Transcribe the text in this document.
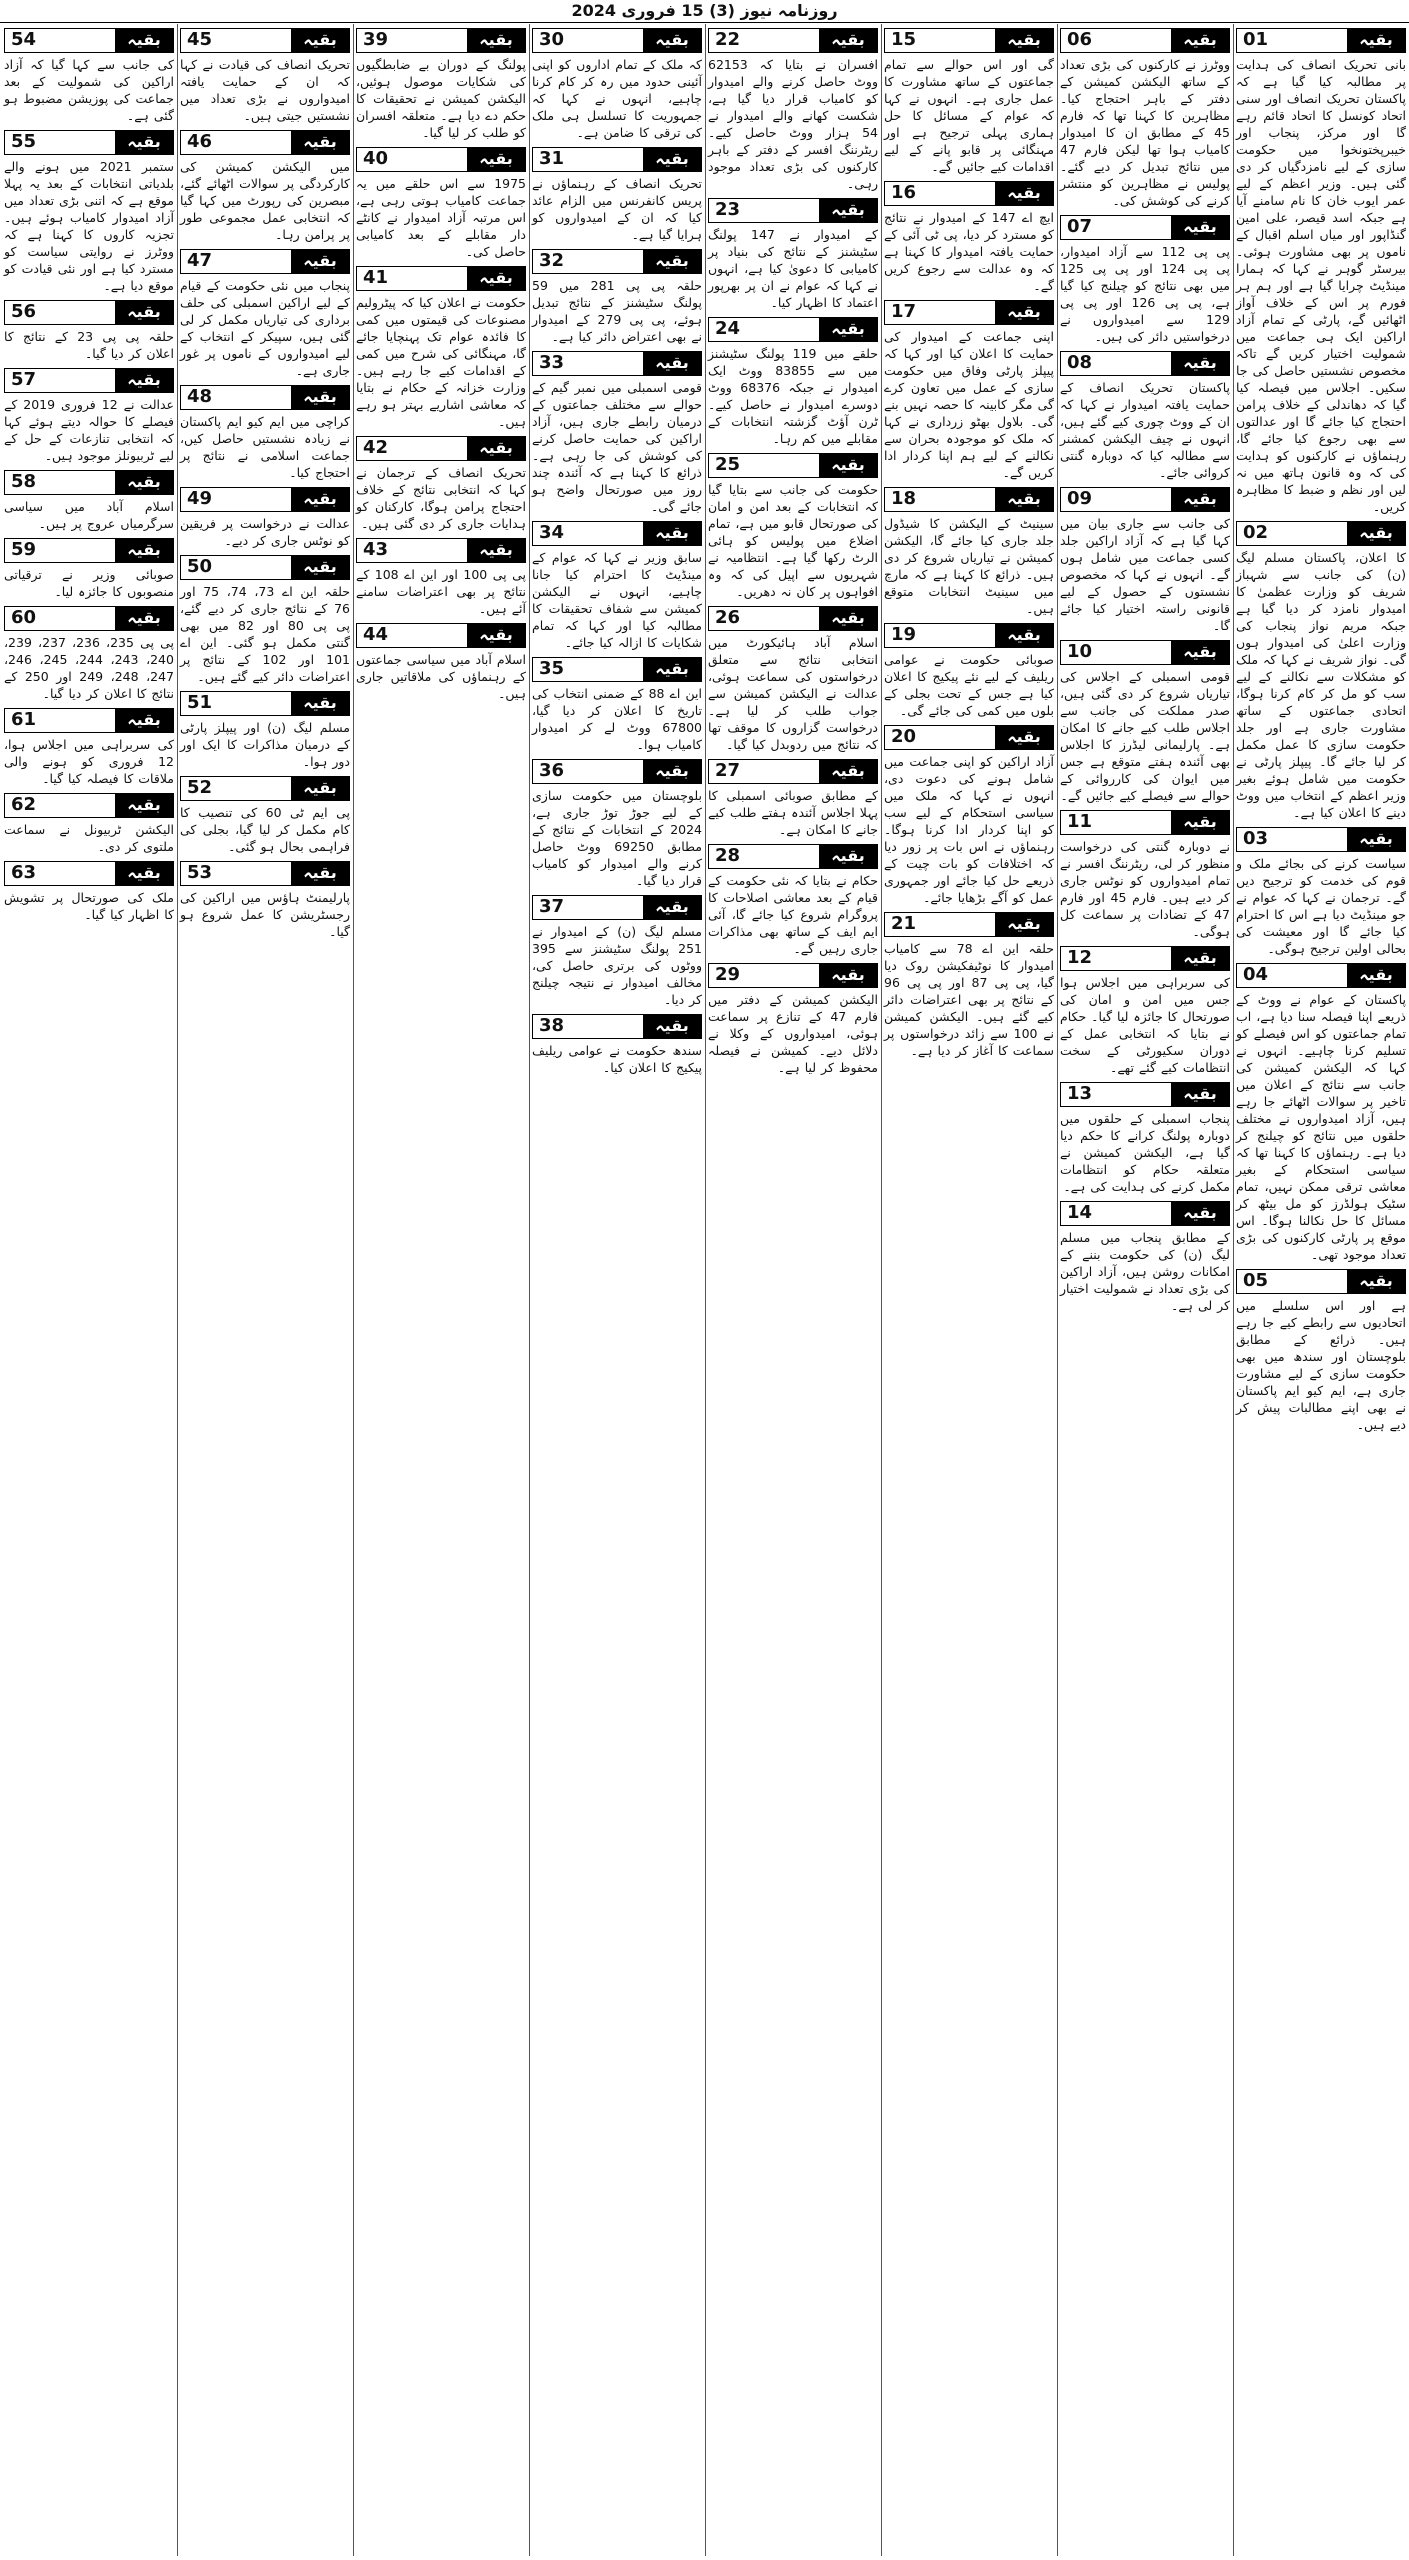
روزنامہ نیوز (3) 15 فروری 2024
01	بقیہ
بانی تحریک انصاف کی ہدایت پر مطالبہ کیا گیا ہے کہ پاکستان تحریک انصاف اور سنی اتحاد کونسل کا اتحاد قائم رہے گا اور مرکز، پنجاب اور خیبرپختونخوا میں حکومت سازی کے لیے نامزدگیاں کر دی گئی ہیں۔ وزیر اعظم کے لیے عمر ایوب خان کا نام سامنے آیا ہے جبکہ اسد قیصر، علی امین گنڈاپور اور میاں اسلم اقبال کے ناموں پر بھی مشاورت ہوئی۔ بیرسٹر گوہر نے کہا کہ ہمارا مینڈیٹ چرایا گیا ہے اور ہم ہر فورم پر اس کے خلاف آواز اٹھائیں گے، پارٹی کے تمام آزاد اراکین ایک ہی جماعت میں شمولیت اختیار کریں گے تاکہ مخصوص نشستیں حاصل کی جا سکیں۔ اجلاس میں فیصلہ کیا گیا کہ دھاندلی کے خلاف پرامن احتجاج کیا جائے گا اور عدالتوں سے بھی رجوع کیا جائے گا، رہنماؤں نے کارکنوں کو ہدایت کی کہ وہ قانون ہاتھ میں نہ لیں اور نظم و ضبط کا مظاہرہ کریں۔
02	بقیہ
کا اعلان، پاکستان مسلم لیگ (ن) کی جانب سے شہباز شریف کو وزارت عظمیٰ کا امیدوار نامزد کر دیا گیا ہے جبکہ مریم نواز پنجاب کی وزارت اعلیٰ کی امیدوار ہوں گی۔ نواز شریف نے کہا کہ ملک کو مشکلات سے نکالنے کے لیے سب کو مل کر کام کرنا ہوگا، اتحادی جماعتوں کے ساتھ مشاورت جاری ہے اور جلد حکومت سازی کا عمل مکمل کر لیا جائے گا۔ پیپلز پارٹی نے حکومت میں شامل ہوئے بغیر وزیر اعظم کے انتخاب میں ووٹ دینے کا اعلان کیا ہے۔
03	بقیہ
سیاست کرنے کی بجائے ملک و قوم کی خدمت کو ترجیح دیں گے۔ ترجمان نے کہا کہ عوام نے جو مینڈیٹ دیا ہے اس کا احترام کیا جائے گا اور معیشت کی بحالی اولین ترجیح ہوگی۔
04	بقیہ
پاکستان کے عوام نے ووٹ کے ذریعے اپنا فیصلہ سنا دیا ہے، اب تمام جماعتوں کو اس فیصلے کو تسلیم کرنا چاہیے۔ انہوں نے کہا کہ الیکشن کمیشن کی جانب سے نتائج کے اعلان میں تاخیر پر سوالات اٹھائے جا رہے ہیں، آزاد امیدواروں نے مختلف حلقوں میں نتائج کو چیلنج کر دیا ہے۔ رہنماؤں کا کہنا تھا کہ سیاسی استحکام کے بغیر معاشی ترقی ممکن نہیں، تمام سٹیک ہولڈرز کو مل بیٹھ کر مسائل کا حل نکالنا ہوگا۔ اس موقع پر پارٹی کارکنوں کی بڑی تعداد موجود تھی۔
05	بقیہ
ہے اور اس سلسلے میں اتحادیوں سے رابطے کیے جا رہے ہیں۔ ذرائع کے مطابق بلوچستان اور سندھ میں بھی حکومت سازی کے لیے مشاورت جاری ہے، ایم کیو ایم پاکستان نے بھی اپنے مطالبات پیش کر دیے ہیں۔
06	بقیہ
ووٹرز نے کارکنوں کی بڑی تعداد کے ساتھ الیکشن کمیشن کے دفتر کے باہر احتجاج کیا۔ مظاہرین کا کہنا تھا کہ فارم 45 کے مطابق ان کا امیدوار کامیاب ہوا تھا لیکن فارم 47 میں نتائج تبدیل کر دیے گئے۔ پولیس نے مظاہرین کو منتشر کرنے کی کوشش کی۔
07	بقیہ
پی پی 112 سے آزاد امیدوار، پی پی 124 اور پی پی 125 میں بھی نتائج کو چیلنج کیا گیا ہے، پی پی 126 اور پی پی 129 سے امیدواروں نے درخواستیں دائر کی ہیں۔
08	بقیہ
پاکستان تحریک انصاف کے حمایت یافتہ امیدوار نے کہا کہ ان کے ووٹ چوری کیے گئے ہیں، انہوں نے چیف الیکشن کمشنر سے مطالبہ کیا کہ دوبارہ گنتی کروائی جائے۔
09	بقیہ
کی جانب سے جاری بیان میں کہا گیا ہے کہ آزاد اراکین جلد کسی جماعت میں شامل ہوں گے۔ انہوں نے کہا کہ مخصوص نشستوں کے حصول کے لیے قانونی راستہ اختیار کیا جائے گا۔
10	بقیہ
قومی اسمبلی کے اجلاس کی تیاریاں شروع کر دی گئی ہیں، صدر مملکت کی جانب سے اجلاس طلب کیے جانے کا امکان ہے۔ پارلیمانی لیڈرز کا اجلاس بھی آئندہ ہفتے متوقع ہے جس میں ایوان کی کارروائی کے حوالے سے فیصلے کیے جائیں گے۔
11	بقیہ
نے دوبارہ گنتی کی درخواست منظور کر لی، ریٹرننگ افسر نے تمام امیدواروں کو نوٹس جاری کر دیے ہیں۔ فارم 45 اور فارم 47 کے تضادات پر سماعت کل ہوگی۔
12	بقیہ
کی سربراہی میں اجلاس ہوا جس میں امن و امان کی صورتحال کا جائزہ لیا گیا۔ حکام نے بتایا کہ انتخابی عمل کے دوران سکیورٹی کے سخت انتظامات کیے گئے تھے۔
13	بقیہ
پنجاب اسمبلی کے حلقوں میں دوبارہ پولنگ کرانے کا حکم دیا گیا ہے، الیکشن کمیشن نے متعلقہ حکام کو انتظامات مکمل کرنے کی ہدایت کی ہے۔
14	بقیہ
کے مطابق پنجاب میں مسلم لیگ (ن) کی حکومت بننے کے امکانات روشن ہیں، آزاد اراکین کی بڑی تعداد نے شمولیت اختیار کر لی ہے۔
15	بقیہ
گی اور اس حوالے سے تمام جماعتوں کے ساتھ مشاورت کا عمل جاری ہے۔ انہوں نے کہا کہ عوام کے مسائل کا حل ہماری پہلی ترجیح ہے اور مہنگائی پر قابو پانے کے لیے اقدامات کیے جائیں گے۔
16	بقیہ
ایچ اے 147 کے امیدوار نے نتائج کو مسترد کر دیا، پی ٹی آئی کے حمایت یافتہ امیدوار کا کہنا ہے کہ وہ عدالت سے رجوع کریں گے۔
17	بقیہ
اپنی جماعت کے امیدوار کی حمایت کا اعلان کیا اور کہا کہ پیپلز پارٹی وفاق میں حکومت سازی کے عمل میں تعاون کرے گی مگر کابینہ کا حصہ نہیں بنے گی۔ بلاول بھٹو زرداری نے کہا کہ ملک کو موجودہ بحران سے نکالنے کے لیے ہم اپنا کردار ادا کریں گے۔
18	بقیہ
سینیٹ کے الیکشن کا شیڈول جلد جاری کیا جائے گا، الیکشن کمیشن نے تیاریاں شروع کر دی ہیں۔ ذرائع کا کہنا ہے کہ مارچ میں سینیٹ انتخابات متوقع ہیں۔
19	بقیہ
صوبائی حکومت نے عوامی ریلیف کے لیے نئے پیکیج کا اعلان کیا ہے جس کے تحت بجلی کے بلوں میں کمی کی جائے گی۔
20	بقیہ
آزاد اراکین کو اپنی جماعت میں شامل ہونے کی دعوت دی، انہوں نے کہا کہ ملک میں سیاسی استحکام کے لیے سب کو اپنا کردار ادا کرنا ہوگا۔ رہنماؤں نے اس بات پر زور دیا کہ اختلافات کو بات چیت کے ذریعے حل کیا جائے اور جمہوری عمل کو آگے بڑھایا جائے۔
21	بقیہ
حلقہ این اے 78 سے کامیاب امیدوار کا نوٹیفکیشن روک دیا گیا، پی پی 87 اور پی پی 96 کے نتائج پر بھی اعتراضات دائر کیے گئے ہیں۔ الیکشن کمیشن نے 100 سے زائد درخواستوں پر سماعت کا آغاز کر دیا ہے۔
22	بقیہ
افسران نے بتایا کہ 62153 ووٹ حاصل کرنے والے امیدوار کو کامیاب قرار دیا گیا ہے، شکست کھانے والے امیدوار نے 54 ہزار ووٹ حاصل کیے۔ ریٹرننگ افسر کے دفتر کے باہر کارکنوں کی بڑی تعداد موجود رہی۔
23	بقیہ
کے امیدوار نے 147 پولنگ سٹیشنز کے نتائج کی بنیاد پر کامیابی کا دعویٰ کیا ہے، انہوں نے کہا کہ عوام نے ان پر بھرپور اعتماد کا اظہار کیا۔
24	بقیہ
حلقے میں 119 پولنگ سٹیشنز میں سے 83855 ووٹ ایک امیدوار نے جبکہ 68376 ووٹ دوسرے امیدوار نے حاصل کیے۔ ٹرن آؤٹ گزشتہ انتخابات کے مقابلے میں کم رہا۔
25	بقیہ
حکومت کی جانب سے بتایا گیا کہ انتخابات کے بعد امن و امان کی صورتحال قابو میں ہے، تمام اضلاع میں پولیس کو ہائی الرٹ رکھا گیا ہے۔ انتظامیہ نے شہریوں سے اپیل کی کہ وہ افواہوں پر کان نہ دھریں۔
26	بقیہ
اسلام آباد ہائیکورٹ میں انتخابی نتائج سے متعلق درخواستوں کی سماعت ہوئی، عدالت نے الیکشن کمیشن سے جواب طلب کر لیا ہے۔ درخواست گزاروں کا موقف تھا کہ نتائج میں ردوبدل کیا گیا۔
27	بقیہ
کے مطابق صوبائی اسمبلی کا پہلا اجلاس آئندہ ہفتے طلب کیے جانے کا امکان ہے۔
28	بقیہ
حکام نے بتایا کہ نئی حکومت کے قیام کے بعد معاشی اصلاحات کا پروگرام شروع کیا جائے گا، آئی ایم ایف کے ساتھ بھی مذاکرات جاری رہیں گے۔
29	بقیہ
الیکشن کمیشن کے دفتر میں فارم 47 کے تنازع پر سماعت ہوئی، امیدواروں کے وکلا نے دلائل دیے۔ کمیشن نے فیصلہ محفوظ کر لیا ہے۔
30	بقیہ
کہ ملک کے تمام اداروں کو اپنی آئینی حدود میں رہ کر کام کرنا چاہیے، انہوں نے کہا کہ جمہوریت کا تسلسل ہی ملک کی ترقی کا ضامن ہے۔
31	بقیہ
تحریک انصاف کے رہنماؤں نے پریس کانفرنس میں الزام عائد کیا کہ ان کے امیدواروں کو ہرایا گیا ہے۔
32	بقیہ
حلقہ پی پی 281 میں 59 پولنگ سٹیشنز کے نتائج تبدیل ہوئے، پی پی 279 کے امیدوار نے بھی اعتراض دائر کیا ہے۔
33	بقیہ
قومی اسمبلی میں نمبر گیم کے حوالے سے مختلف جماعتوں کے درمیان رابطے جاری ہیں، آزاد اراکین کی حمایت حاصل کرنے کی کوشش کی جا رہی ہے۔ ذرائع کا کہنا ہے کہ آئندہ چند روز میں صورتحال واضح ہو جائے گی۔
34	بقیہ
سابق وزیر نے کہا کہ عوام کے مینڈیٹ کا احترام کیا جانا چاہیے، انہوں نے الیکشن کمیشن سے شفاف تحقیقات کا مطالبہ کیا اور کہا کہ تمام شکایات کا ازالہ کیا جائے۔
35	بقیہ
این اے 88 کے ضمنی انتخاب کی تاریخ کا اعلان کر دیا گیا، 67800 ووٹ لے کر امیدوار کامیاب ہوا۔
36	بقیہ
بلوچستان میں حکومت سازی کے لیے جوڑ توڑ جاری ہے، 2024 کے انتخابات کے نتائج کے مطابق 69250 ووٹ حاصل کرنے والے امیدوار کو کامیاب قرار دیا گیا۔
37	بقیہ
مسلم لیگ (ن) کے امیدوار نے 251 پولنگ سٹیشنز سے 395 ووٹوں کی برتری حاصل کی، مخالف امیدوار نے نتیجہ چیلنج کر دیا۔
38	بقیہ
سندھ حکومت نے عوامی ریلیف پیکیج کا اعلان کیا۔
39	بقیہ
پولنگ کے دوران بے ضابطگیوں کی شکایات موصول ہوئیں، الیکشن کمیشن نے تحقیقات کا حکم دے دیا ہے۔ متعلقہ افسران کو طلب کر لیا گیا۔
40	بقیہ
1975 سے اس حلقے میں یہ جماعت کامیاب ہوتی رہی ہے، اس مرتبہ آزاد امیدوار نے کانٹے دار مقابلے کے بعد کامیابی حاصل کی۔
41	بقیہ
حکومت نے اعلان کیا کہ پیٹرولیم مصنوعات کی قیمتوں میں کمی کا فائدہ عوام تک پہنچایا جائے گا، مہنگائی کی شرح میں کمی کے اقدامات کیے جا رہے ہیں۔ وزارت خزانہ کے حکام نے بتایا کہ معاشی اشاریے بہتر ہو رہے ہیں۔
42	بقیہ
تحریک انصاف کے ترجمان نے کہا کہ انتخابی نتائج کے خلاف احتجاج پرامن ہوگا، کارکنان کو ہدایات جاری کر دی گئی ہیں۔
43	بقیہ
پی پی 100 اور این اے 108 کے نتائج پر بھی اعتراضات سامنے آئے ہیں۔
44	بقیہ
اسلام آباد میں سیاسی جماعتوں کے رہنماؤں کی ملاقاتیں جاری ہیں۔
45	بقیہ
تحریک انصاف کی قیادت نے کہا کہ ان کے حمایت یافتہ امیدواروں نے بڑی تعداد میں نشستیں جیتی ہیں۔
46	بقیہ
میں الیکشن کمیشن کی کارکردگی پر سوالات اٹھائے گئے، مبصرین کی رپورٹ میں کہا گیا کہ انتخابی عمل مجموعی طور پر پرامن رہا۔
47	بقیہ
پنجاب میں نئی حکومت کے قیام کے لیے اراکین اسمبلی کی حلف برداری کی تیاریاں مکمل کر لی گئی ہیں، سپیکر کے انتخاب کے لیے امیدواروں کے ناموں پر غور جاری ہے۔
48	بقیہ
کراچی میں ایم کیو ایم پاکستان نے زیادہ نشستیں حاصل کیں، جماعت اسلامی نے نتائج پر احتجاج کیا۔
49	بقیہ
عدالت نے درخواست پر فریقین کو نوٹس جاری کر دیے۔
50	بقیہ
حلقہ این اے 73، 74، 75 اور 76 کے نتائج جاری کر دیے گئے، پی پی 80 اور 82 میں بھی گنتی مکمل ہو گئی۔ این اے 101 اور 102 کے نتائج پر اعتراضات دائر کیے گئے ہیں۔
51	بقیہ
مسلم لیگ (ن) اور پیپلز پارٹی کے درمیان مذاکرات کا ایک اور دور ہوا۔
52	بقیہ
پی ایم ٹی 60 کی تنصیب کا کام مکمل کر لیا گیا، بجلی کی فراہمی بحال ہو گئی۔
53	بقیہ
پارلیمنٹ ہاؤس میں اراکین کی رجسٹریشن کا عمل شروع ہو گیا۔
54	بقیہ
کی جانب سے کہا گیا کہ آزاد اراکین کی شمولیت کے بعد جماعت کی پوزیشن مضبوط ہو گئی ہے۔
55	بقیہ
ستمبر 2021 میں ہونے والے بلدیاتی انتخابات کے بعد یہ پہلا موقع ہے کہ اتنی بڑی تعداد میں آزاد امیدوار کامیاب ہوئے ہیں۔ تجزیہ کاروں کا کہنا ہے کہ ووٹرز نے روایتی سیاست کو مسترد کیا ہے اور نئی قیادت کو موقع دیا ہے۔
56	بقیہ
حلقہ پی پی 23 کے نتائج کا اعلان کر دیا گیا۔
57	بقیہ
عدالت نے 12 فروری 2019 کے فیصلے کا حوالہ دیتے ہوئے کہا کہ انتخابی تنازعات کے حل کے لیے ٹربیونلز موجود ہیں۔
58	بقیہ
اسلام آباد میں سیاسی سرگرمیاں عروج پر ہیں۔
59	بقیہ
صوبائی وزیر نے ترقیاتی منصوبوں کا جائزہ لیا۔
60	بقیہ
پی پی 235، 236، 237، 239، 240، 243، 244، 245، 246، 247، 248، 249 اور 250 کے نتائج کا اعلان کر دیا گیا۔
61	بقیہ
کی سربراہی میں اجلاس ہوا، 12 فروری کو ہونے والی ملاقات کا فیصلہ کیا گیا۔
62	بقیہ
الیکشن ٹربیونل نے سماعت ملتوی کر دی۔
63	بقیہ
ملک کی صورتحال پر تشویش کا اظہار کیا گیا۔
